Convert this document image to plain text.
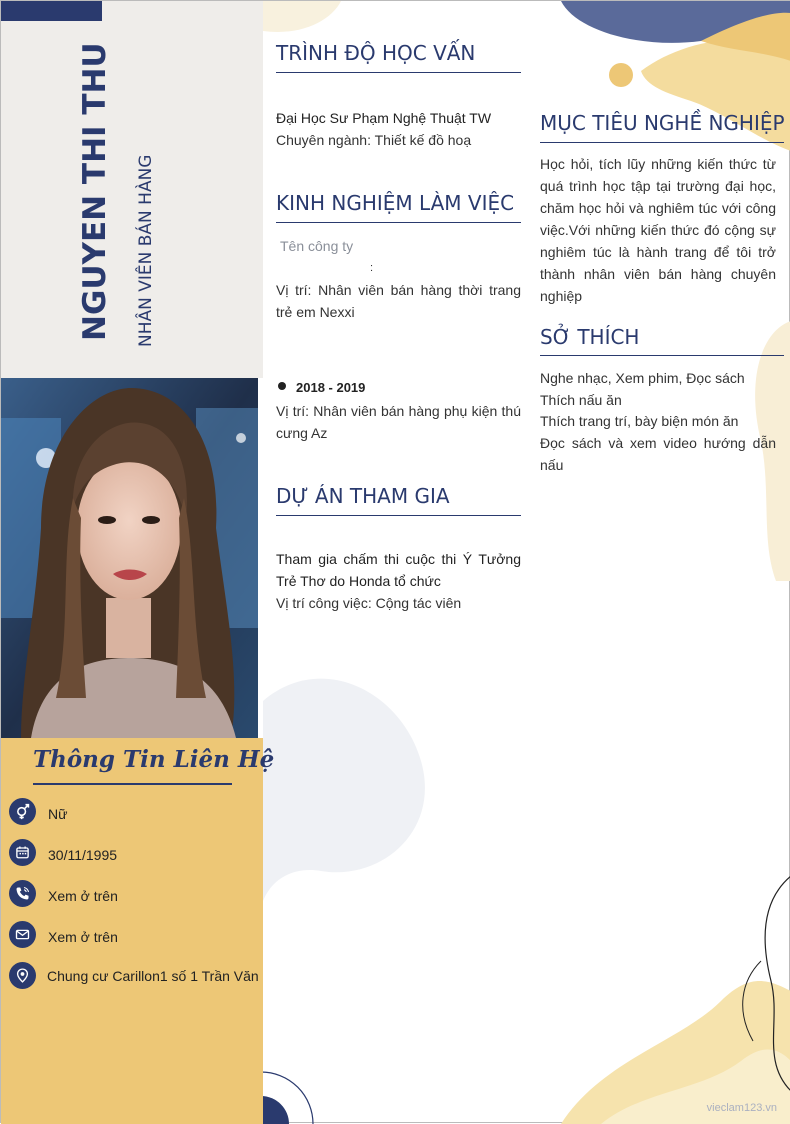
NGUYEN THI THU NHÂN VIÊN BÁN HÀNG
Thông Tin Liên Hệ
Nữ
30/11/1995
Xem ở trên
Xem ở trên
Chung cư Carillon1 số 1 Trần Văn
TRÌNH ĐỘ HỌC VẤN
Đại Học Sư Phạm Nghệ Thuật TW
Chuyên ngành: Thiết kế đồ hoạ
KINH NGHIỆM LÀM VIỆC
Tên công ty
:
Vị trí: Nhân viên bán hàng thời trang trẻ em Nexxi
2018 - 2019
Vị trí: Nhân viên bán hàng phụ kiện thú cưng Az
DỰ ÁN THAM GIA
Tham gia chấm thi cuộc thi Ý Tưởng Trẻ Thơ do Honda tổ chức
Vị trí công việc: Cộng tác viên
MỤC TIÊU NGHỀ NGHIỆP
Học hỏi, tích lũy những kiến thức từ quá trình học tập tại trường đại học, chăm học hỏi và nghiêm túc với công việc.Với những kiến thức đó cộng sự nghiêm túc là hành trang để tôi trở thành nhân viên bán hàng chuyên nghiệp
SỞ THÍCH
Nghe nhạc, Xem phim, Đọc sách
Thích nấu ăn
Thích trang trí, bày biện món ăn
Đọc sách và xem video hướng dẫn nấu
vieclam123.vn
